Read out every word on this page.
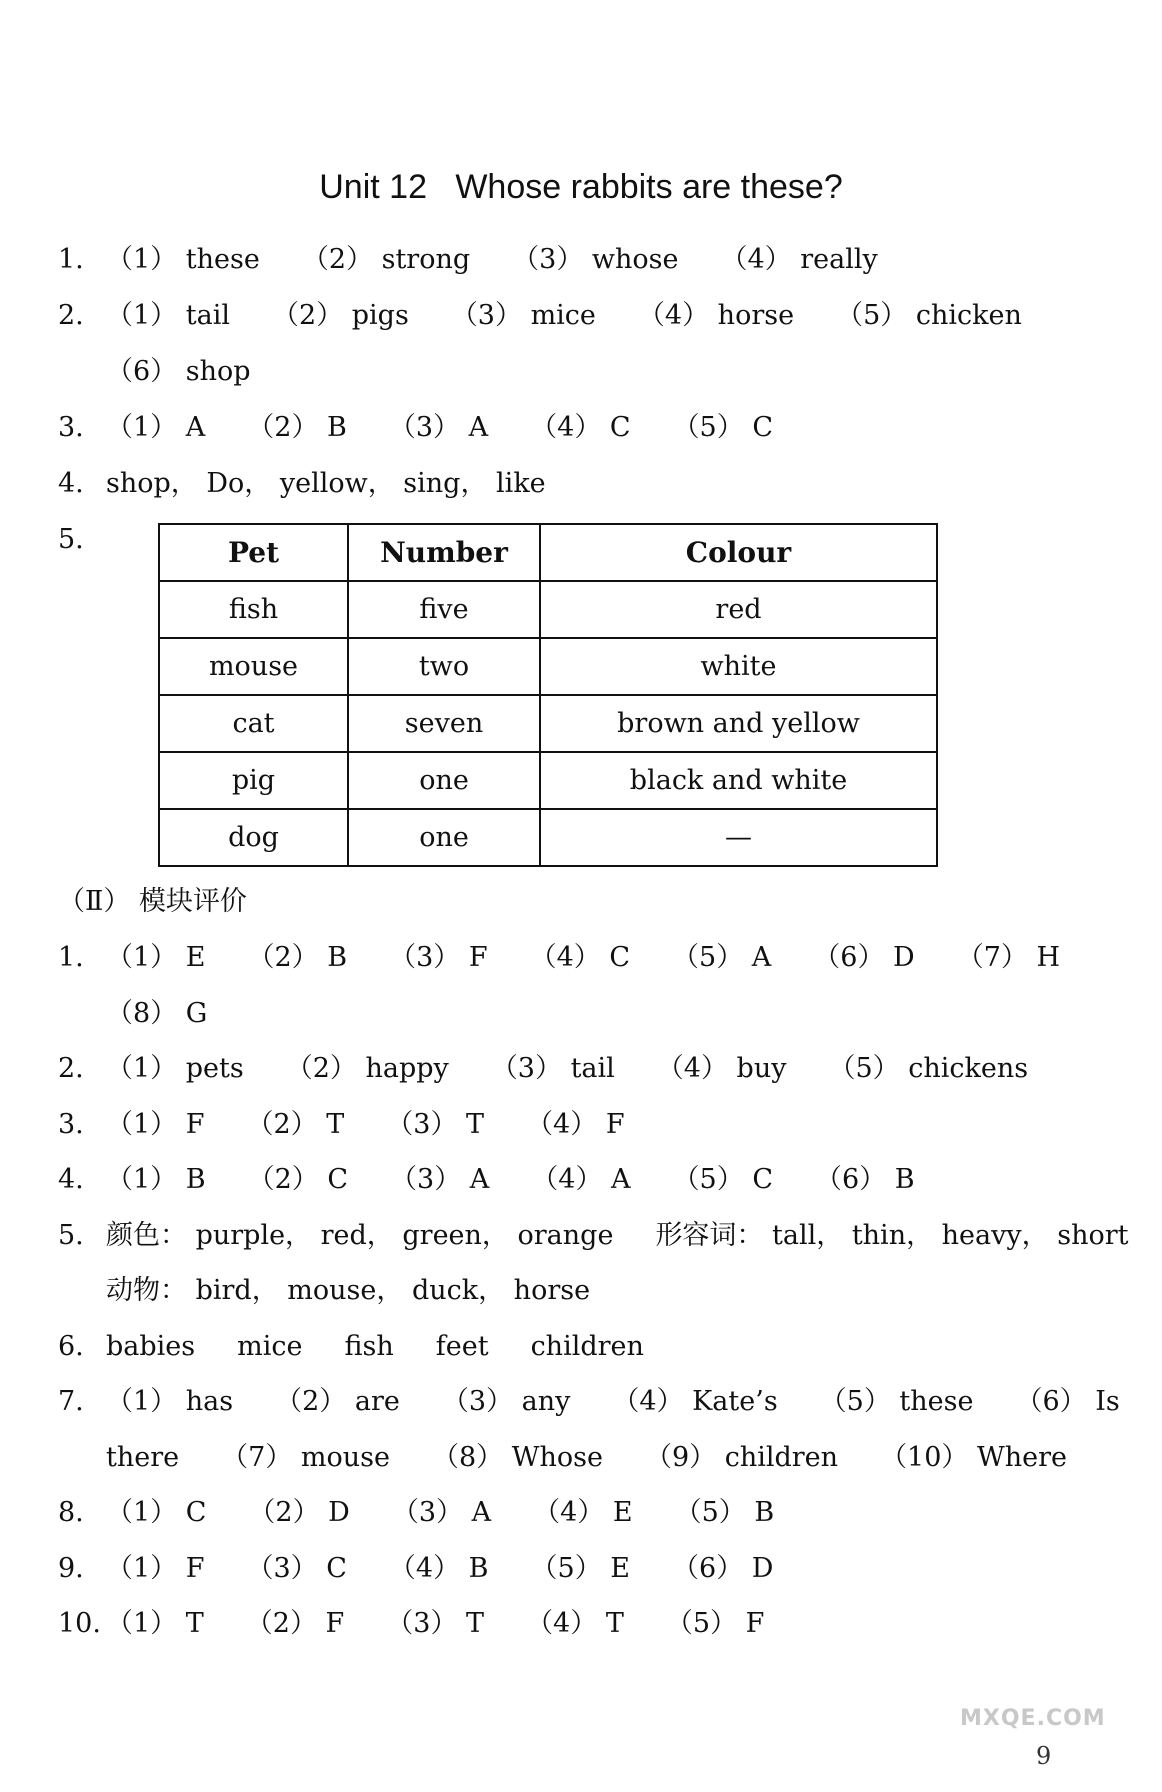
Unit 12   Whose rabbits are these?
1. （1） these （2） strong （3） whose （4） really
2. （1） tail （2） pigs （3） mice （4） horse （5） chicken
（6） shop
3. （1） A （2） B （3） A （4） C （5） C
4. shop， Do， yellow， sing， like
5.	Pet	Number	Colour
fish	five	red
mouse	two	white
cat	seven	brown and yellow
pig	one	black and white
dog	one	—
（Ⅱ） 模块评价
1. （1） E （2） B （3） F （4） C （5） A （6） D （7） H
（8） G
2. （1） pets （2） happy （3） tail （4） buy （5） chickens
3. （1） F （2） T （3） T （4） F
4. （1） B （2） C （3） A （4） A （5） C （6） B
5. 颜色： purple， red， green， orange 形容词： tall， thin， heavy， short
动物： bird， mouse， duck， horse
6. babies mice fish feet children
7. （1） has （2） are （3） any （4） Kate’s （5） these （6） Is
there （7） mouse （8） Whose （9） children （10） Where
8. （1） C （2） D （3） A （4） E （5） B
9. （1） F （3） C （4） B （5） E （6） D
10. （1） T （2） F （3） T （4） T （5） F
MXQE.COM
9
